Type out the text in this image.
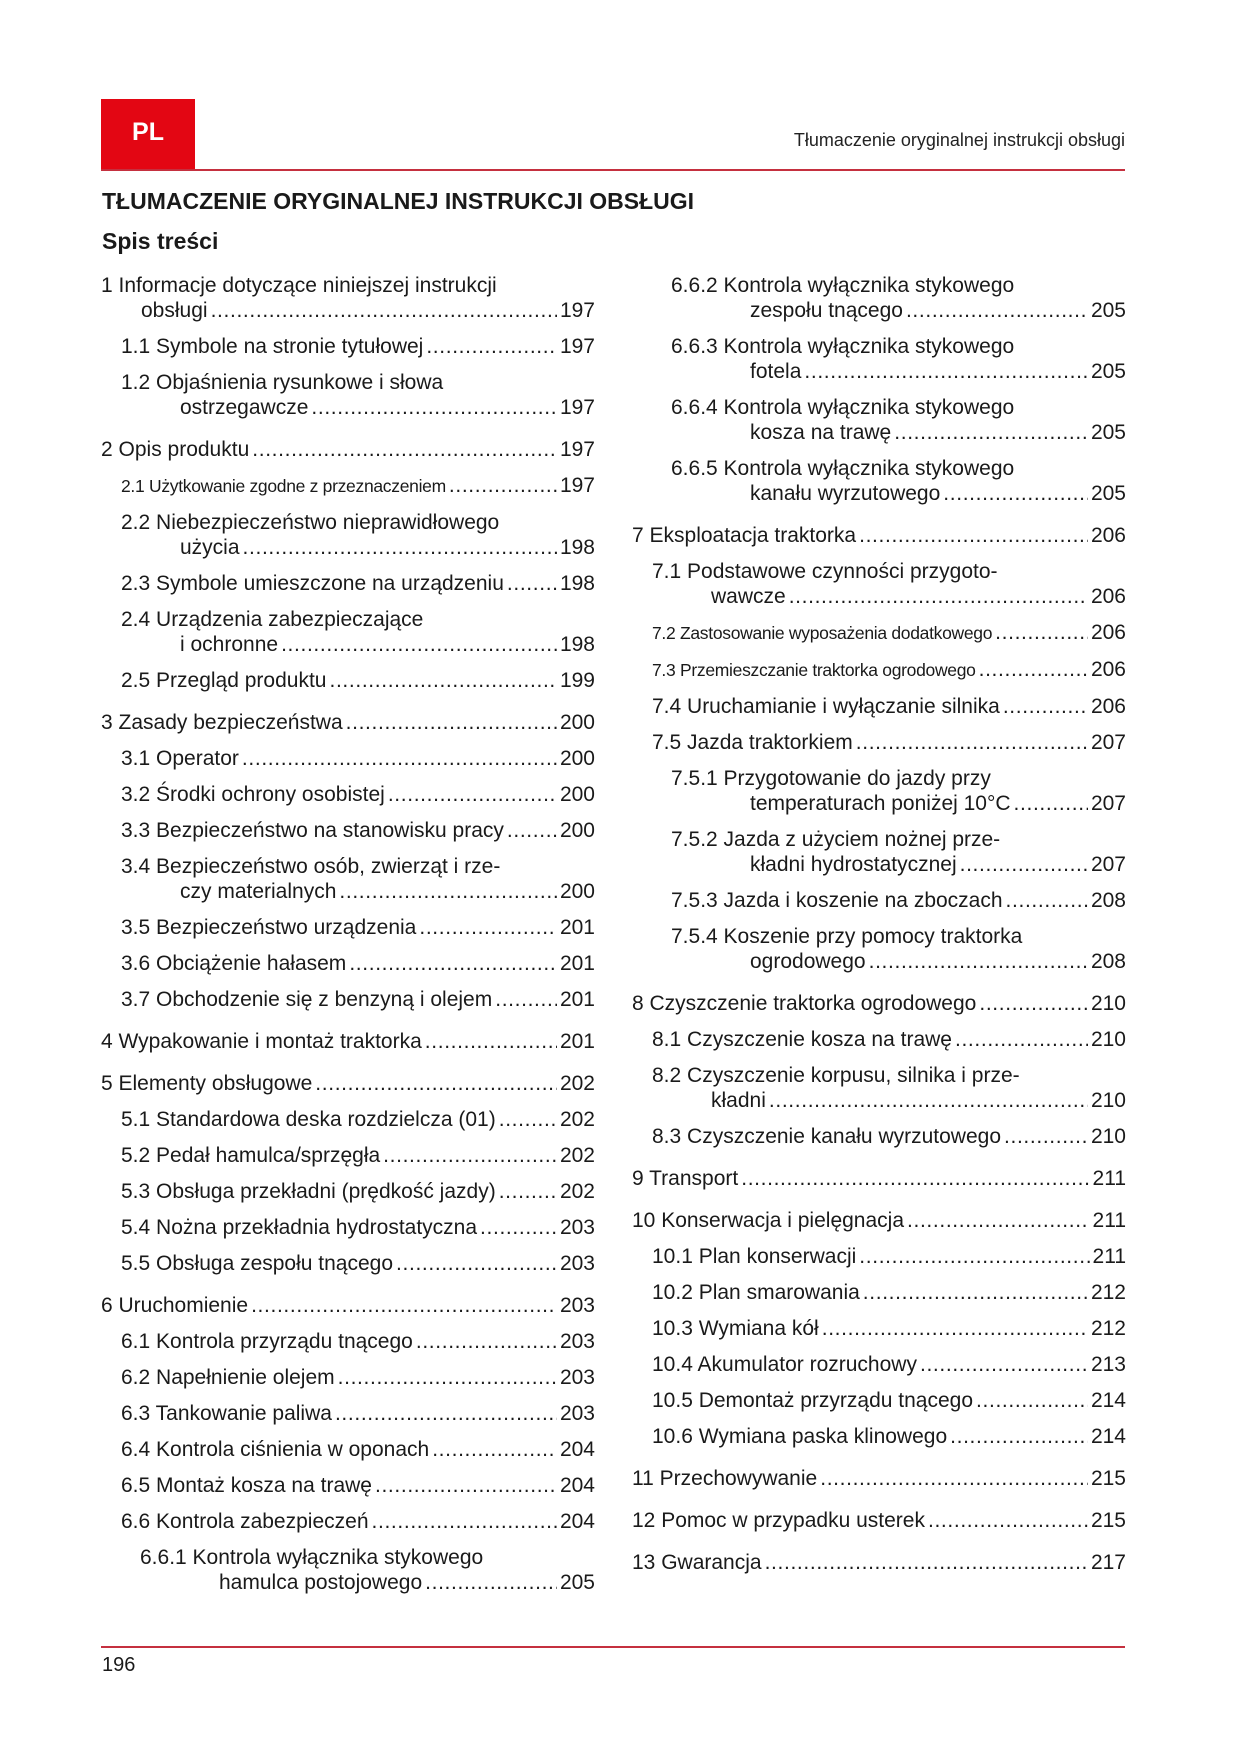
PL	Tłumaczenie oryginalnej instrukcji obsługi
TŁUMACZENIE ORYGINALNEJ INSTRUKCJI OBSŁUGI
Spis treści
1 Informacje dotyczące niniejszej instrukcji
obsługi . . .	197
1.1 Symbole na stronie tytułowej . . .	197
1.2 Objaśnienia rysunkowe i słowa
ostrzegawcze . . .	197
2 Opis produktu . . .	197
2.1 Użytkowanie zgodne z przeznaczeniem . . .	197
2.2 Niebezpieczeństwo nieprawidłowego
użycia . . .	198
2.3 Symbole umieszczone na urządzeniu . . .	198
2.4 Urządzenia zabezpieczające
i ochronne . . .	198
2.5 Przegląd produktu . . .	199
3 Zasady bezpieczeństwa . . .	200
3.1 Operator . . .	200
3.2 Środki ochrony osobistej . . .	200
3.3 Bezpieczeństwo na stanowisku pracy . . .	200
3.4 Bezpieczeństwo osób, zwierząt i rze-
czy materialnych . . .	200
3.5 Bezpieczeństwo urządzenia . . .	201
3.6 Obciążenie hałasem . . .	201
3.7 Obchodzenie się z benzyną i olejem . . .	201
4 Wypakowanie i montaż traktorka . . .	201
5 Elementy obsługowe . . .	202
5.1 Standardowa deska rozdzielcza (01) . . .	202
5.2 Pedał hamulca/sprzęgła . . .	202
5.3 Obsługa przekładni (prędkość jazdy) . . .	202
5.4 Nożna przekładnia hydrostatyczna . . .	203
5.5 Obsługa zespołu tnącego . . .	203
6 Uruchomienie . . .	203
6.1 Kontrola przyrządu tnącego . . .	203
6.2 Napełnienie olejem . . .	203
6.3 Tankowanie paliwa . . .	203
6.4 Kontrola ciśnienia w oponach . . .	204
6.5 Montaż kosza na trawę . . .	204
6.6 Kontrola zabezpieczeń . . .	204
6.6.1 Kontrola wyłącznika stykowego
hamulca postojowego . . .	205
6.6.2 Kontrola wyłącznika stykowego
zespołu tnącego . . .	205
6.6.3 Kontrola wyłącznika stykowego
fotela . . .	205
6.6.4 Kontrola wyłącznika stykowego
kosza na trawę . . .	205
6.6.5 Kontrola wyłącznika stykowego
kanału wyrzutowego . . .	205
7 Eksploatacja traktorka . . .	206
7.1 Podstawowe czynności przygoto-
wawcze . . .	206
7.2 Zastosowanie wyposażenia dodatkowego . . .	206
7.3 Przemieszczanie traktorka ogrodowego . . .	206
7.4 Uruchamianie i wyłączanie silnika . . .	206
7.5 Jazda traktorkiem . . .	207
7.5.1 Przygotowanie do jazdy przy
temperaturach poniżej 10°C . . .	207
7.5.2 Jazda z użyciem nożnej prze-
kładni hydrostatycznej . . .	207
7.5.3 Jazda i koszenie na zboczach . . .	208
7.5.4 Koszenie przy pomocy traktorka
ogrodowego . . .	208
8 Czyszczenie traktorka ogrodowego . . .	210
8.1 Czyszczenie kosza na trawę . . .	210
8.2 Czyszczenie korpusu, silnika i prze-
kładni . . .	210
8.3 Czyszczenie kanału wyrzutowego . . .	210
9 Transport . . .	211
10 Konserwacja i pielęgnacja . . .	211
10.1 Plan konserwacji . . .	211
10.2 Plan smarowania . . .	212
10.3 Wymiana kół . . .	212
10.4 Akumulator rozruchowy . . .	213
10.5 Demontaż przyrządu tnącego . . .	214
10.6 Wymiana paska klinowego . . .	214
11 Przechowywanie . . .	215
12 Pomoc w przypadku usterek . . .	215
13 Gwarancja . . .	217
196
